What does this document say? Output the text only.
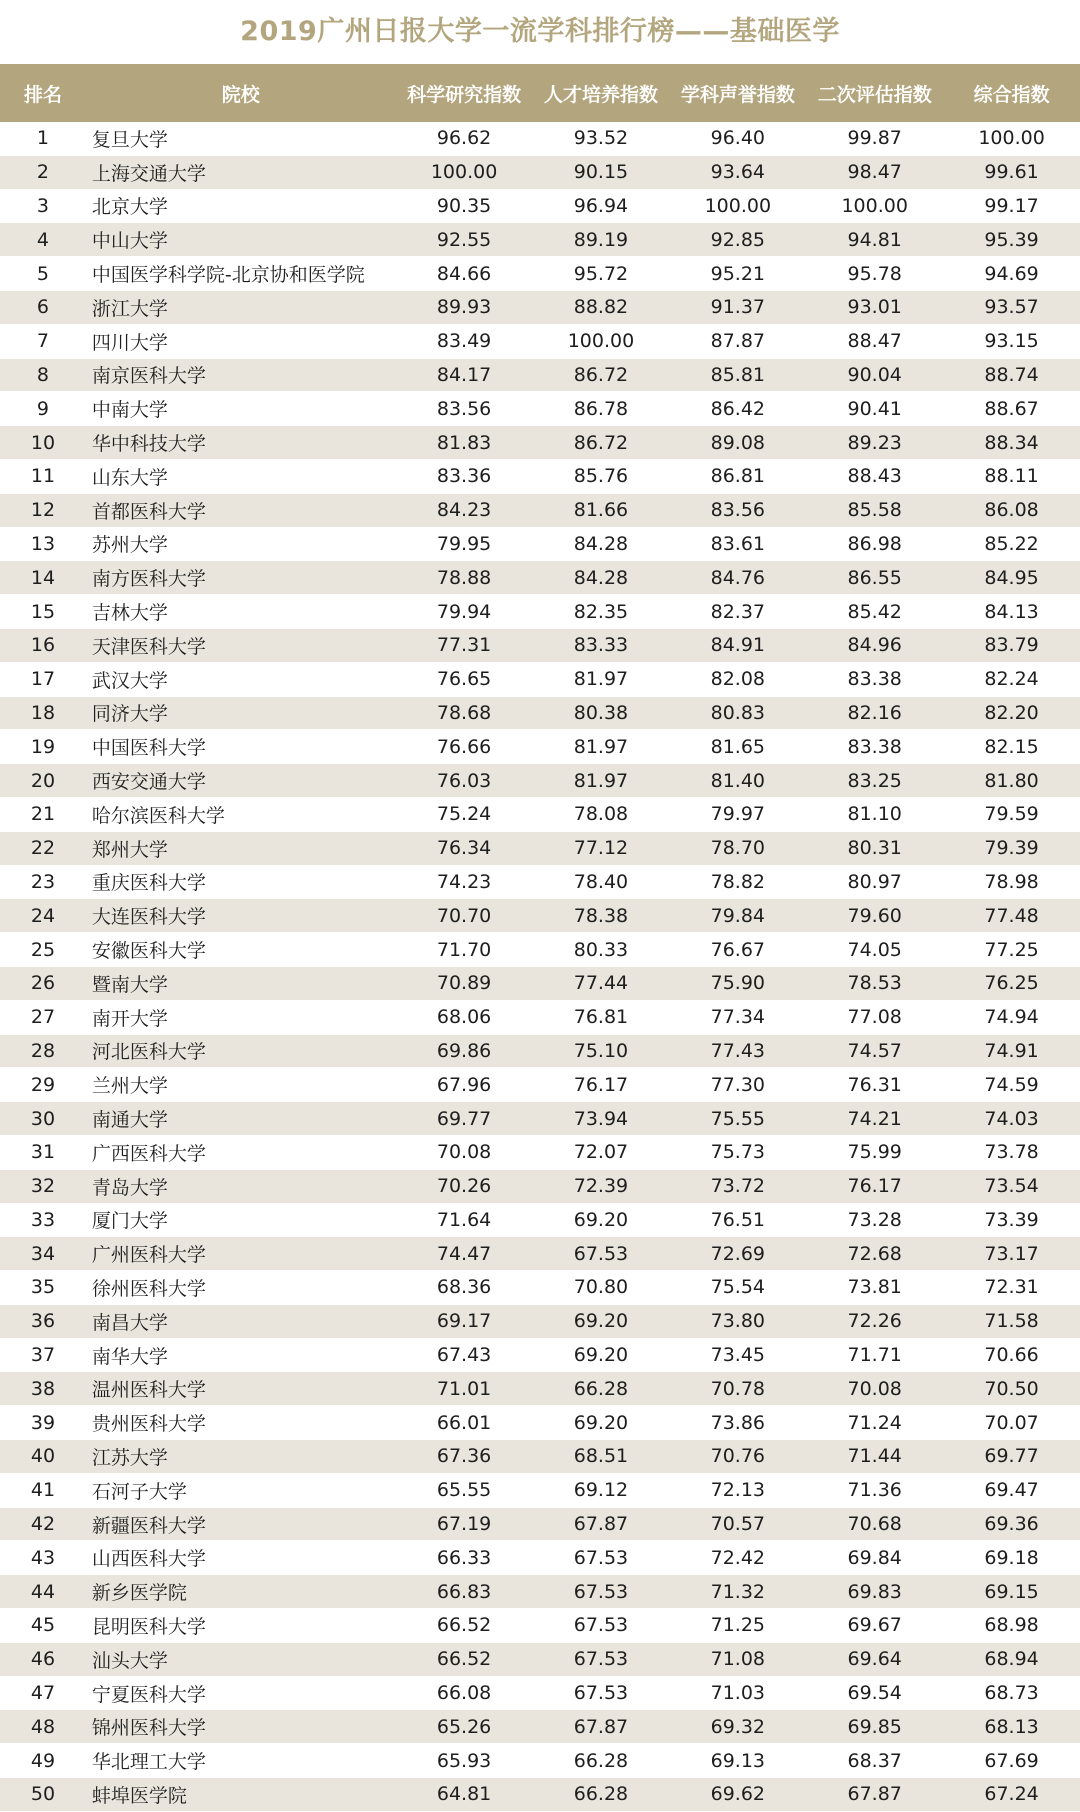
2019广州日报大学一流学科排行榜——基础医学
排名	院校	科学研究指数	人才培养指数	学科声誉指数	二次评估指数	综合指数
1	复旦大学	96.62	93.52	96.40	99.87	100.00
2	上海交通大学	100.00	90.15	93.64	98.47	99.61
3	北京大学	90.35	96.94	100.00	100.00	99.17
4	中山大学	92.55	89.19	92.85	94.81	95.39
5	中国医学科学院-北京协和医学院	84.66	95.72	95.21	95.78	94.69
6	浙江大学	89.93	88.82	91.37	93.01	93.57
7	四川大学	83.49	100.00	87.87	88.47	93.15
8	南京医科大学	84.17	86.72	85.81	90.04	88.74
9	中南大学	83.56	86.78	86.42	90.41	88.67
10	华中科技大学	81.83	86.72	89.08	89.23	88.34
11	山东大学	83.36	85.76	86.81	88.43	88.11
12	首都医科大学	84.23	81.66	83.56	85.58	86.08
13	苏州大学	79.95	84.28	83.61	86.98	85.22
14	南方医科大学	78.88	84.28	84.76	86.55	84.95
15	吉林大学	79.94	82.35	82.37	85.42	84.13
16	天津医科大学	77.31	83.33	84.91	84.96	83.79
17	武汉大学	76.65	81.97	82.08	83.38	82.24
18	同济大学	78.68	80.38	80.83	82.16	82.20
19	中国医科大学	76.66	81.97	81.65	83.38	82.15
20	西安交通大学	76.03	81.97	81.40	83.25	81.80
21	哈尔滨医科大学	75.24	78.08	79.97	81.10	79.59
22	郑州大学	76.34	77.12	78.70	80.31	79.39
23	重庆医科大学	74.23	78.40	78.82	80.97	78.98
24	大连医科大学	70.70	78.38	79.84	79.60	77.48
25	安徽医科大学	71.70	80.33	76.67	74.05	77.25
26	暨南大学	70.89	77.44	75.90	78.53	76.25
27	南开大学	68.06	76.81	77.34	77.08	74.94
28	河北医科大学	69.86	75.10	77.43	74.57	74.91
29	兰州大学	67.96	76.17	77.30	76.31	74.59
30	南通大学	69.77	73.94	75.55	74.21	74.03
31	广西医科大学	70.08	72.07	75.73	75.99	73.78
32	青岛大学	70.26	72.39	73.72	76.17	73.54
33	厦门大学	71.64	69.20	76.51	73.28	73.39
34	广州医科大学	74.47	67.53	72.69	72.68	73.17
35	徐州医科大学	68.36	70.80	75.54	73.81	72.31
36	南昌大学	69.17	69.20	73.80	72.26	71.58
37	南华大学	67.43	69.20	73.45	71.71	70.66
38	温州医科大学	71.01	66.28	70.78	70.08	70.50
39	贵州医科大学	66.01	69.20	73.86	71.24	70.07
40	江苏大学	67.36	68.51	70.76	71.44	69.77
41	石河子大学	65.55	69.12	72.13	71.36	69.47
42	新疆医科大学	67.19	67.87	70.57	70.68	69.36
43	山西医科大学	66.33	67.53	72.42	69.84	69.18
44	新乡医学院	66.83	67.53	71.32	69.83	69.15
45	昆明医科大学	66.52	67.53	71.25	69.67	68.98
46	汕头大学	66.52	67.53	71.08	69.64	68.94
47	宁夏医科大学	66.08	67.53	71.03	69.54	68.73
48	锦州医科大学	65.26	67.87	69.32	69.85	68.13
49	华北理工大学	65.93	66.28	69.13	68.37	67.69
50	蚌埠医学院	64.81	66.28	69.62	67.87	67.24
